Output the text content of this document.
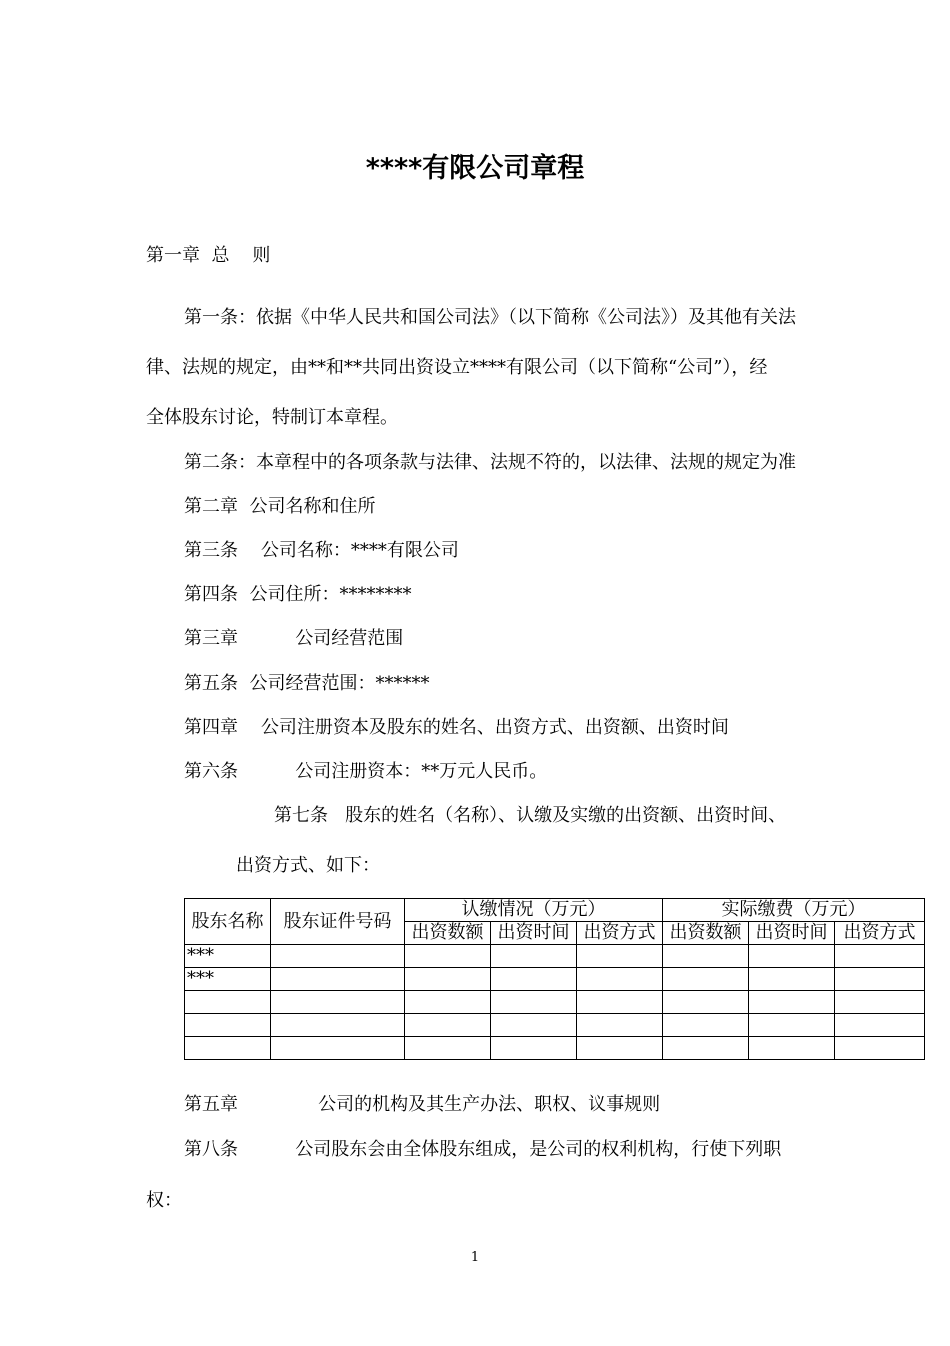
****有限公司章程
第一章  总    则
第一条：依据《中华人民共和国公司法》（以下简称《公司法》）及其他有关法
律、法规的规定，由**和**共同出资设立****有限公司（以下简称“公司”），经
全体股东讨论，特制订本章程。
第二条：本章程中的各项条款与法律、法规不符的，以法律、法规的规定为准
第二章  公司名称和住所
第三条    公司名称：****有限公司
第四条  公司住所：********
第三章          公司经营范围
第五条  公司经营范围：******
第四章    公司注册资本及股东的姓名、出资方式、出资额、出资时间
第六条          公司注册资本：**万元人民币。
第七条   股东的姓名（名称）、认缴及实缴的出资额、出资时间、
出资方式、如下：
股东名称	股东证件号码	认缴情况（万元）			实际缴费（万元）		
		出资数额	出资时间	出资方式	出资数额	出资时间	出资方式
***							
***							

第五章              公司的机构及其生产办法、职权、议事规则
第八条          公司股东会由全体股东组成，是公司的权利机构，行使下列职
权：
1
